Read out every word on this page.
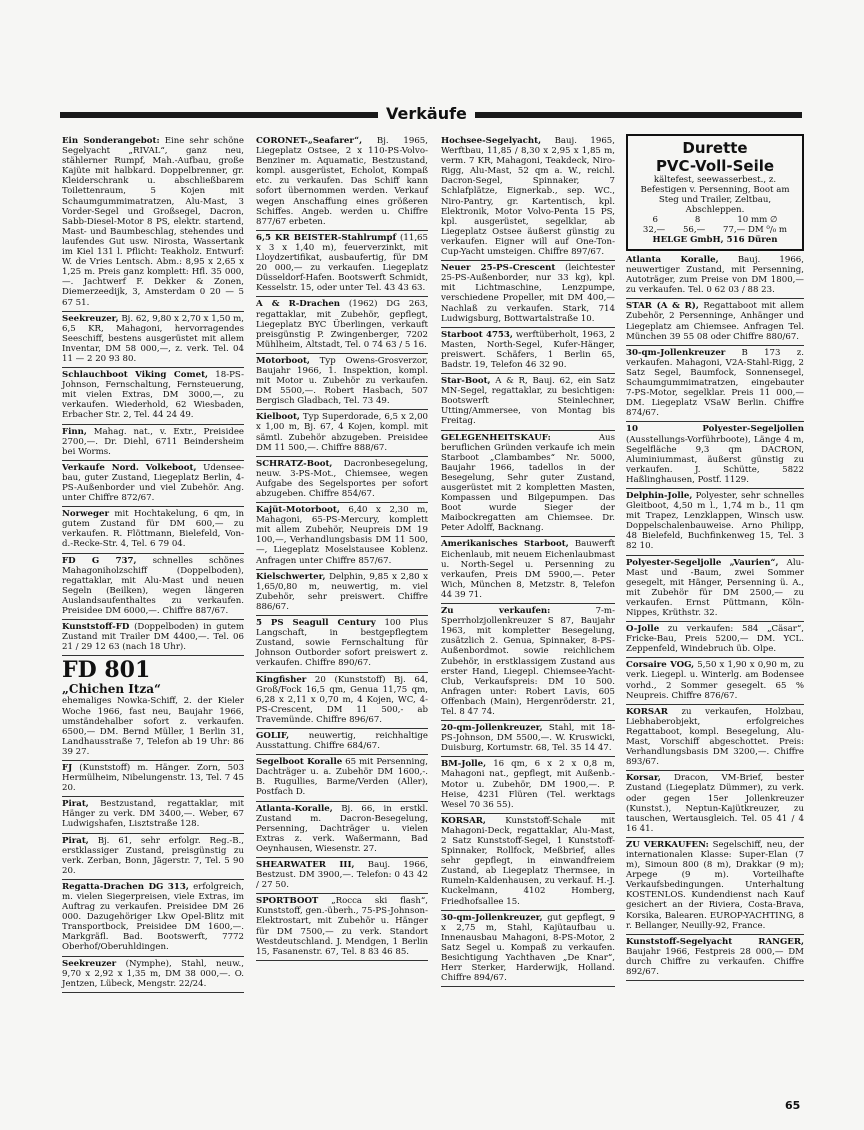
Verkäufe

Ein Sonderangebot: Eine sehr schöne Segelyacht „RIVAL“, ganz neu, stählerner Rumpf, Mah.-Aufbau, große Kajüte mit halbkard. Doppelbrenner, gr. Kleiderschrank u. abschließbarem Toilettenraum, 5 Kojen mit Schaumgummimatratzen, Alu-Mast, 3 Vorder-Segel und Großsegel, Dacron, Sabb-Diesel-Motor 8 PS, elektr. startend, Mast- und Baumbeschlag, stehendes und laufendes Gut usw. Nirosta, Wassertank im Kiel 131 l. Pflicht: Teakholz. Entwurf: W. de Vries Lentsch. Abm.: 8,95 x 2,65 x 1,25 m. Preis ganz komplett: Hfl. 35 000,—. Jachtwerf F. Dekker & Zonen, Diemerzeedijk, 3, Amsterdam 0 20 — 5 67 51.

Seekreuzer, Bj. 62, 9,80 x 2,70 x 1,50 m, 6,5 KR, Mahagoni, hervorragendes Seeschiff, bestens ausgerüstet mit allem Inventar, DM 58 000,—, z. verk. Tel. 04 11 — 2 20 93 80.

Schlauchboot Viking Comet, 18-PS-Johnson, Fernschaltung, Fernsteuerung, mit vielen Extras, DM 3000,—, zu verkaufen. Wiederhold, 62 Wiesbaden, Erbacher Str. 2, Tel. 44 24 49.

Finn, Mahag. nat., v. Extr., Preisidee 2700,—. Dr. Diehl, 6711 Beindersheim bei Worms.

Verkaufe Nord. Volkeboot, Udenseebau, guter Zustand, Liegeplatz Berlin, 4-PS-Außenborder und viel Zubehör. Ang. unter Chiffre 872/67.

Norweger mit Hochtakelung, 6 qm, in gutem Zustand für DM 600,— zu verkaufen. R. Flöttmann, Bielefeld, Von-d.-Recke-Str. 4, Tel. 6 79 04.

FD G 737, schnelles schönes Mahagoniholzschiff (Doppelboden), regattaklar, mit Alu-Mast und neuen Segeln (Beilken), wegen längeren Auslandsaufenthaltes zu verkaufen. Preisidee DM 6000,—. Chiffre 887/67.

Kunststoff-FD (Doppelboden) in gutem Zustand mit Trailer DM 4400,—. Tel. 06 21 / 29 12 63 (nach 18 Uhr).

FD 801
„Chichen Itza“

ehemaliges Nowka-Schiff, 2. der Kieler Woche 1966, fast neu, Baujahr 1966, umständehalber sofort z. verkaufen. 6500,— DM. Bernd Müller, 1 Berlin 31, Landhausstraße 7, Telefon ab 19 Uhr: 86 39 27.

FJ (Kunststoff) m. Hänger. Zorn, 503 Hermülheim, Nibelungenstr. 13, Tel. 7 45 20.

Pirat, Bestzustand, regattaklar, mit Hänger zu verk. DM 3400,—. Weber, 67 Ludwigshafen, Lisztstraße 128.

Pirat, Bj. 61, sehr erfolgr. Reg.-B., erstklassiger Zustand, preisgünstig zu verk. Zerban, Bonn, Jägerstr. 7, Tel. 5 90 20.

Regatta-Drachen DG 313, erfolgreich, m. vielen Siegerpreisen, viele Extras, im Auftrag zu verkaufen. Preisidee DM 26 000. Dazugehöriger Lkw Opel-Blitz mit Transportbock, Preisidee DM 1600,—. Markgräfl. Bad. Bootswerft, 7772 Oberhof/Oberuhldingen.

Seekreuzer (Nymphe), Stahl, neuw., 9,70 x 2,92 x 1,35 m, DM 38 000,—. O. Jentzen, Lübeck, Mengstr. 22/24.

CORONET-„Seafarer“, Bj. 1965, Liegeplatz Ostsee, 2 x 110-PS-Volvo-Benziner m. Aquamatic, Bestzustand, kompl. ausgerüstet, Echolot, Kompaß etc. zu verkaufen. Das Schiff kann sofort übernommen werden. Verkauf wegen Anschaffung eines größeren Schiffes. Angeb. werden u. Chiffre 877/67 erbeten.

6,5 KR BEISTER-Stahlrumpf (11,65 x 3 x 1,40 m), feuerverzinkt, mit Lloydzertifikat, ausbaufertig, für DM 20 000,— zu verkaufen. Liegeplatz Düsseldorf-Hafen. Bootswerft Schmidt, Kesselstr. 15, oder unter Tel. 43 43 63.

A & R-Drachen (1962) DG 263, regattaklar, mit Zubehör, gepflegt, Liegeplatz BYC Überlingen, verkauft preisgünstig P. Zwingenberger, 7202 Mühlheim, Altstadt, Tel. 0 74 63 / 5 16.

Motorboot, Typ Owens-Grosverzor, Baujahr 1966, 1. Inspektion, kompl. mit Motor u. Zubehör zu verkaufen. DM 5500,—. Robert Hasbach, 507 Bergisch Gladbach, Tel. 73 49.

Kielboot, Typ Superdorade, 6,5 x 2,00 x 1,00 m, Bj. 67, 4 Kojen, kompl. mit sämtl. Zubehör abzugeben. Preisidee DM 11 500,—. Chiffre 888/67.

SCHRATZ-Boot, Dacronbesegelung, neuw. 3-PS-Mot., Chiemsee, wegen Aufgabe des Segelsportes per sofort abzugeben. Chiffre 854/67.

Kajüt-Motorboot, 6,40 x 2,30 m, Mahagoni, 65-PS-Mercury, komplett mit allem Zubehör, Neupreis DM 19 100,—, Verhandlungsbasis DM 11 500,—, Liegeplatz Moselstausee Koblenz. Anfragen unter Chiffre 857/67.

Kielschwerter, Delphin, 9,85 x 2,80 x 1,65/0,80 m, neuwertig, m. viel Zubehör, sehr preiswert. Chiffre 886/67.

5 PS Seagull Century 100 Plus Langschaft, in bestgepflegtem Zustand, sowie Fernschaltung für Johnson Outborder sofort preiswert z. verkaufen. Chiffre 890/67.

Kingfisher 20 (Kunststoff) Bj. 64, Groß/Fock 16,5 qm, Genua 11,75 qm, 6,28 x 2,11 x 0,70 m, 4 Kojen, WC, 4-PS-Crescent, DM 11 500,- ab Travemünde. Chiffre 896/67.

GOLIF, neuwertig, reichhaltige Ausstattung. Chiffre 684/67.

Segelboot Koralle 65 mit Persenning, Dachträger u. a. Zubehör DM 1600,-. B. Rugullies, Barme/Verden (Aller), Postfach D.

Atlanta-Koralle, Bj. 66, in erstkl. Zustand m. Dacron-Besegelung, Persenning, Dachträger u. vielen Extras z. verk. Waßermann, Bad Oeynhausen, Wiesenstr. 27.

SHEARWATER III, Bauj. 1966, Bestzust. DM 3900,—. Telefon: 0 43 42 / 27 50.

SPORTBOOT „Rocca ski flash“, Kunststoff, gen.-überh., 75-PS-Johnson-Elektrostart, mit Zubehör u. Hänger für DM 7500,— zu verk. Standort Westdeutschland. J. Mendgen, 1 Berlin 15, Fasanenstr. 67, Tel. 8 83 46 85.

Hochsee-Segelyacht, Bauj. 1965, Werftbau, 11,85 / 8,30 x 2,95 x 1,85 m, verm. 7 KR, Mahagoni, Teakdeck, Niro-Rigg, Alu-Mast, 52 qm a. W., reichl. Dacron-Segel, Spinnaker, 7 Schlafplätze, Eignerkab., sep. WC., Niro-Pantry, gr. Kartentisch, kpl. Elektronik, Motor Volvo-Penta 15 PS, kpl. ausgerüstet, segelklar, ab Liegeplatz Ostsee äußerst günstig zu verkaufen. Eigner will auf One-Ton-Cup-Yacht umsteigen. Chiffre 897/67.

Neuer 25-PS-Crescent (leichtester 25-PS-Außenborder, nur 33 kg), kpl. mit Lichtmaschine, Lenzpumpe, verschiedene Propeller, mit DM 400,— Nachlaß zu verkaufen. Stark, 714 Ludwigsburg, Bottwartalstraße 10.

Starboot 4753, werftüberholt, 1963, 2 Masten, North-Segel, Kufer-Hänger, preiswert. Schäfers, 1 Berlin 65, Badstr. 19, Telefon 46 32 90.

Star-Boot, A & R, Bauj. 62, ein Satz MN-Segel, regattaklar, zu besichtigen: Bootswerft Steinlechner, Utting/Ammersee, von Montag bis Freitag.

GELEGENHEITSKAUF:	Aus beruflichen Gründen verkaufe ich mein Starboot „Clambambes“ Nr. 5000, Baujahr 1966, tadellos in der Besegelung, Sehr guter Zustand, ausgerüstet mit 2 kompletten Masten, Kompassen und Bilgepumpen. Das Boot wurde Sieger der Maibockregatten am Chiemsee. Dr. Peter Adolff, Backnang.

Amerikanisches Starboot, Bauwerft Eichenlaub, mit neuem Eichenlaubmast u. North-Segel u. Persenning zu verkaufen, Preis DM 5900,—. Peter Wich, München 8, Metzstr. 8, Telefon 44 39 71.

Zu verkaufen:	7-m-Sperrholzjollenkreuzer S 87, Baujahr 1963, mit kompletter Besegelung, zusätzlich 2. Genua, Spinnaker, 8-PS-Außenbordmot. sowie reichlichem Zubehör, in erstklassigem Zustand aus erster Hand, Liegepl. Chiemsee-Yacht-Club, Verkaufspreis: DM 10 500. Anfragen unter: Robert Lavis, 605 Offenbach (Main), Hergenröderstr. 21, Tel. 8 47 74.

20-qm-Jollenkreuzer, Stahl, mit 18-PS-Johnson, DM 5500,—. W. Kruswicki, Duisburg, Kortumstr. 68, Tel. 35 14 47.

BM-Jolle, 16 qm, 6 x 2 x 0,8 m, Mahagoni nat., gepflegt, mit Außenb.-Motor u. Zubehör, DM 1900,—. P. Heise, 4231 Flüren (Tel. werktags Wesel 70 36 55).

KORSAR, Kunststoff-Schale mit Mahagoni-Deck, regattaklar, Alu-Mast, 2 Satz Kunststoff-Segel, 1 Kunststoff-Spinnaker, Rollfock, Meßbrief, alles sehr gepflegt, in einwandfreiem Zustand, ab Liegeplatz Thermsee, in Rumeln-Kaldenhausen, zu verkauf. H.-J. Kuckelmann, 4102 Homberg, Friedhofsallee 15.

30-qm-Jollenkreuzer, gut gepflegt, 9 x 2,75 m, Stahl, Kajütaufbau u. Innenausbau Mahagoni, 8-PS-Motor, 2 Satz Segel u. Kompaß zu verkaufen. Besichtigung Yachthaven „De Knar“, Herr Sterker, Harderwijk, Holland. Chiffre 894/67.

Durette
PVC-Voll-Seile
kältefest, seewasserbest., z. Befestigen v. Persenning, Boot am Steg und Trailer, Zeltbau, Abschleppen.
6	8	10 mm ∅
32,— 56,— 77,— DM ⁰/₀ m
HELGE GmbH, 516 Düren

Atlanta Koralle, Bauj. 1966, neuwertiger Zustand, mit Persenning, Autoträger, zum Preise von DM 1800,— zu verkaufen. Tel. 0 62 03 / 88 23.

STAR (A & R), Regattaboot mit allem Zubehör, 2 Persenninge, Anhänger und Liegeplatz am Chiemsee. Anfragen Tel. München 39 55 08 oder Chiffre 880/67.

30-qm-Jollenkreuzer B 173 z. verkaufen. Mahagoni, V2A-Stahl-Rigg, 2 Satz Segel, Baumfock, Sonnensegel, Schaumgummimatratzen, eingebauter 7-PS-Motor, segelklar. Preis 11 000,— DM. Liegeplatz VSaW Berlin. Chiffre 874/67.

10 Polyester-Segeljollen (Ausstellungs-Vorführboote), Länge 4 m, Segelfläche 9,3 qm DACRON, Aluminiummast, äußerst günstig zu verkaufen. J. Schütte, 5822 Haßlinghausen, Postf. 1129.

Delphin-Jolle, Polyester, sehr schnelles Gleitboot, 4,50 m l., 1,74 m b., 11 qm mit Trapez, Lenzklappen, Winsch usw. Doppelschalenbauweise. Arno Philipp, 48 Bielefeld, Buchfinkenweg 15, Tel. 3 82 10.

Polyester-Segeljolle „Vaurien“, Alu-Mast und -Baum, zwei Sommer gesegelt, mit Hänger, Persenning ü. A., mit Zubehör für DM 2500,— zu verkaufen. Ernst Püttmann, Köln-Nippes, Krüthstr. 32.

O-Jolle zu verkaufen: 584 „Cäsar“, Fricke-Bau, Preis 5200,— DM. YCL. Zeppenfeld, Windebruch üb. Olpe.

Corsaire VOG, 5,50 x 1,90 x 0,90 m, zu verk. Liegepl. u. Winterlg. am Bodensee vorhd., 2 Sommer gesegelt. 65 % Neupreis. Chiffre 876/67.

KORSAR zu verkaufen, Holzbau, Liebhaberobjekt, erfolgreiches Regattaboot, kompl. Besegelung, Alu-Mast, Vorschiff abgeschottet. Preis: Verhandlungsbasis DM 3200,—. Chiffre 893/67.

Korsar, Dracon, VM-Brief, bester Zustand (Liegeplatz Dümmer), zu verk. oder gegen 15er Jollenkreuzer (Kunstst.), Neptun-Kajütkreuzer, zu tauschen, Wertausgleich. Tel. 05 41 / 4 16 41.

ZU VERKAUFEN: Segelschiff, neu, der internationalen Klasse: Super-Elan (7 m), Simoun 800 (8 m), Drakkar (9 m); Arpege (9 m). Vorteilhafte Verkaufsbedingungen. Unterhaltung KOSTENLOS. Kundendienst nach Kauf gesichert an der Riviera, Costa-Brava, Korsika, Balearen. EUROP-YACHTING, 8 r. Bellanger, Neuilly-92, France.

Kunststoff-Segelyacht RANGER, Baujahr 1966, Festpreis 28 000,— DM durch Chiffre zu verkaufen. Chiffre 892/67.

65
